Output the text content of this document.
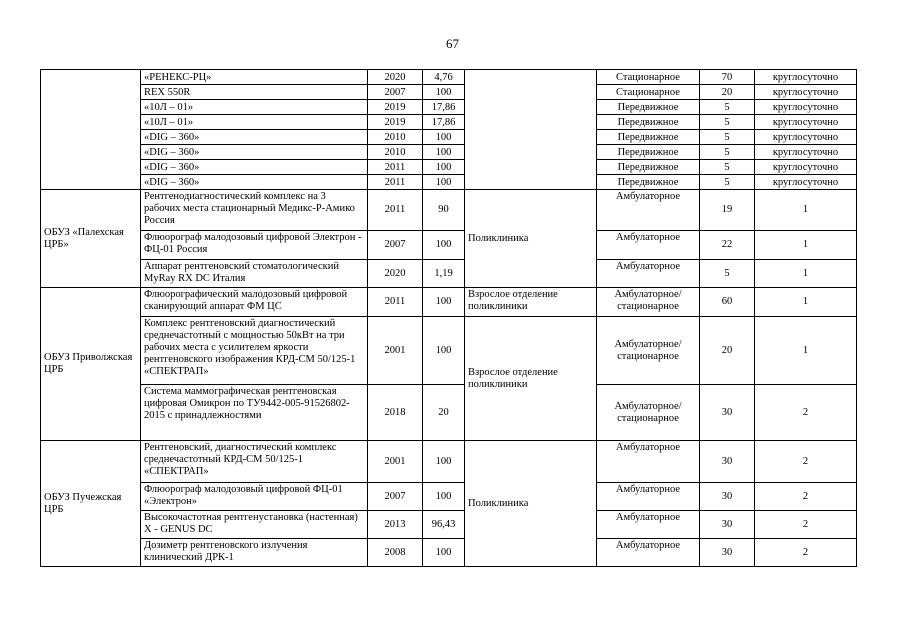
67
	«РЕНЕКС-РЦ»	2020	4,76		Стационарное	70	круглосуточно
	REX 550R	2007	100		Стационарное	20	круглосуточно
	«10Л – 01»	2019	17,86		Передвижное	5	круглосуточно
	«10Л – 01»	2019	17,86		Передвижное	5	круглосуточно
	«DIG – 360»	2010	100		Передвижное	5	круглосуточно
	«DIG – 360»	2010	100		Передвижное	5	круглосуточно
	«DIG – 360»	2011	100		Передвижное	5	круглосуточно
	«DIG – 360»	2011	100		Передвижное	5	круглосуточно
ОБУЗ «Палехская ЦРБ»	Рентгенодиагностический комплекс на 3 рабочих места стационарный Медикс-Р-Амико Россия	2011	90	Поликлиника	Амбулаторное	19	1
	Флюорограф малодозовый цифровой Электрон - ФЦ-01 Россия	2007	100		Амбулаторное	22	1
	Аппарат рентгеновский стоматологический MyRay RX DC Италия	2020	1,19		Амбулаторное	5	1
ОБУЗ Приволжская ЦРБ	Флюорографический малодозовый цифровой сканирующий аппарат ФМ ЦС	2011	100	Взрослое отделение поликлиники	Амбулаторное/ стационарное	60	1
	Комплекс рентгеновский диагностический среднечастотный с мощностью 50кВт на три рабочих места с усилителем яркости рентгеновского изображения КРД-СМ 50/125-1 «СПЕКТРАП»	2001	100	Взрослое отделение поликлиники	Амбулаторное/ стационарное	20	1
	Система маммографическая рентгеновская цифровая Омикрон по ТУ9442-005-91526802-2015 с принадлежностями	2018	20		Амбулаторное/ стационарное	30	2
ОБУЗ Пучежская ЦРБ	Рентгеновский, диагностический комплекс среднечастотный КРД-СМ 50/125-1 «СПЕКТРАП»	2001	100	Поликлиника	Амбулаторное	30	2
	Флюорограф малодозовый цифровой ФЦ-01 «Электрон»	2007	100		Амбулаторное	30	2
	Высокочастотная рентгенустановка (настенная) X - GENUS DC	2013	96,43		Амбулаторное	30	2
	Дозиметр рентгеновского излучения клинический ДРК-1	2008	100		Амбулаторное	30	2
